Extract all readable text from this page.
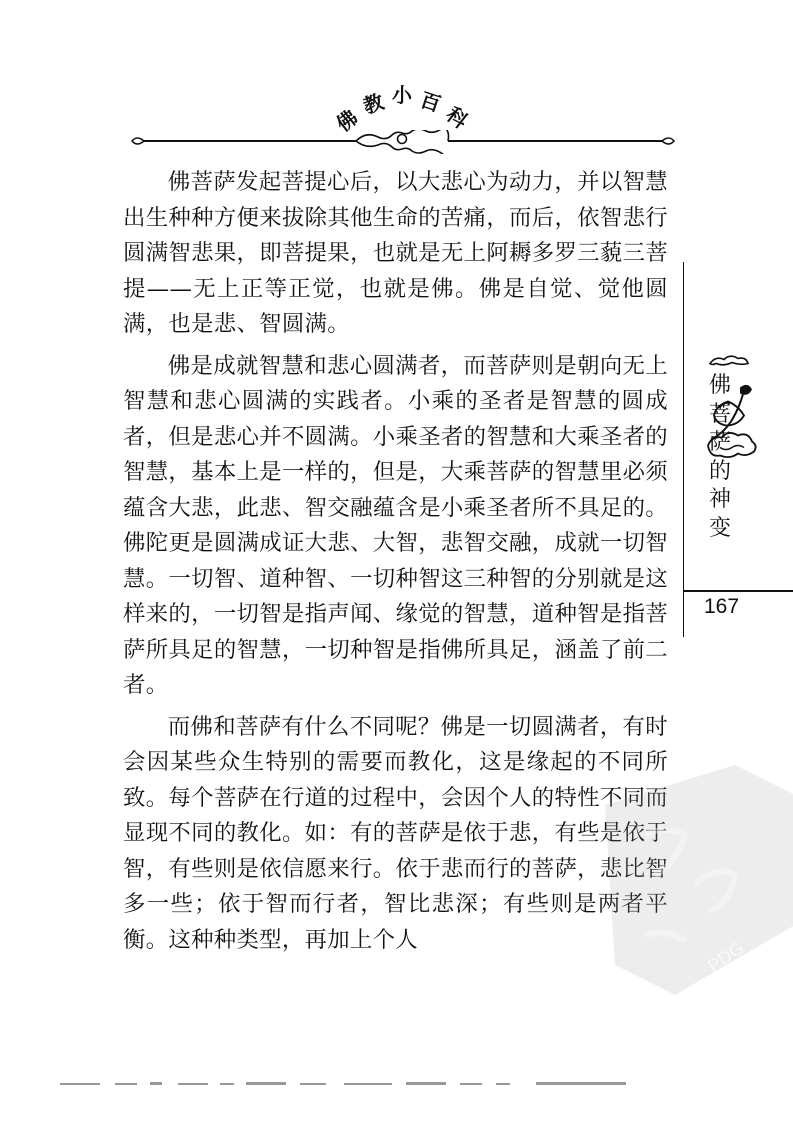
佛
教 小 百
科

佛菩萨发起菩提心后，以大悲心为动力，并以智慧出生种种方便来拔除其他生命的苦痛，而后，依智悲行圆满智悲果，即菩提果，也就是无上阿耨多罗三藐三菩提——无上正等正觉，也就是佛。佛是自觉、觉他圆满，也是悲、智圆满。

佛是成就智慧和悲心圆满者，而菩萨则是朝向无上智慧和悲心圆满的实践者。小乘的圣者是智慧的圆成者，但是悲心并不圆满。小乘圣者的智慧和大乘圣者的智慧，基本上是一样的，但是，大乘菩萨的智慧里必须蕴含大悲，此悲、智交融蕴含是小乘圣者所不具足的。佛陀更是圆满成证大悲、大智，悲智交融，成就一切智慧。一切智、道种智、一切种智这三种智的分别就是这样来的，一切智是指声闻、缘觉的智慧，道种智是指菩萨所具足的智慧，一切种智是指佛所具足，涵盖了前二者。

而佛和菩萨有什么不同呢？佛是一切圆满者，有时会因某些众生特别的需要而教化，这是缘起的不同所致。每个菩萨在行道的过程中，会因个人的特性不同而显现不同的教化。如：有的菩萨是依于悲，有些是依于智，有些则是依信愿来行。依于悲而行的菩萨，悲比智多一些；依于智而行者，智比悲深；有些则是两者平衡。这种种类型，再加上个人

佛
菩
萨
的
神
变
167
PDG
